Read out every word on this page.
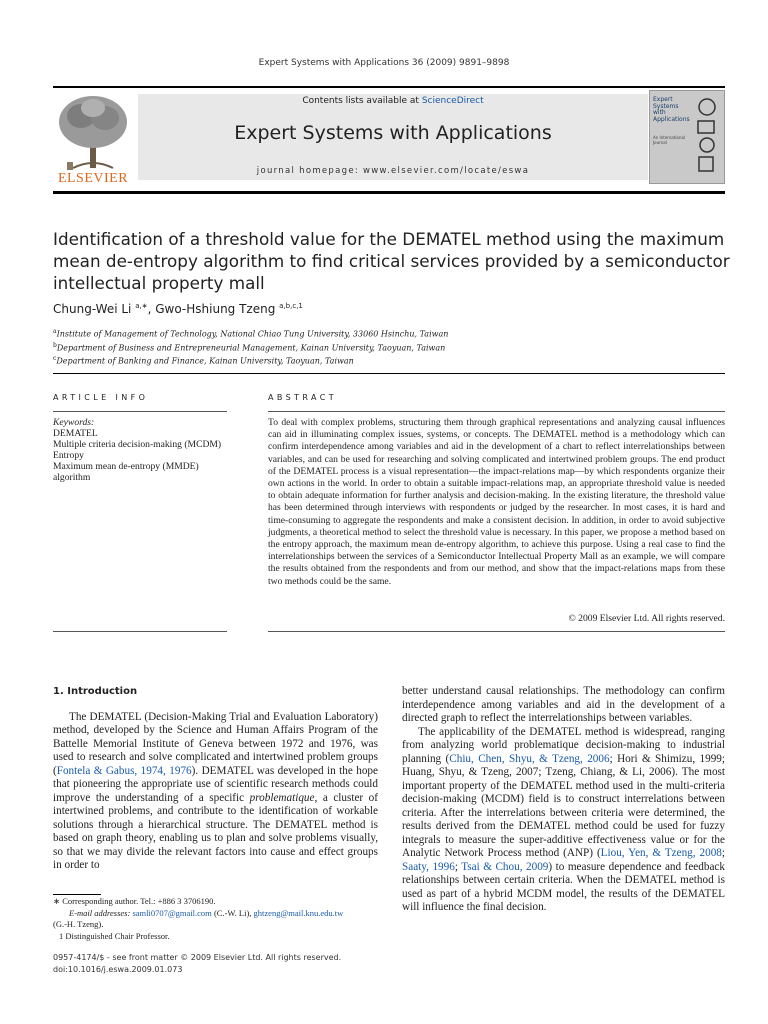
Expert Systems with Applications 36 (2009) 9891–9898
ELSEVIER
Contents lists available at ScienceDirect
Expert Systems with Applications
journal homepage: www.elsevier.com/locate/eswa
Expert Systems with Applications
An International Journal
Identification of a threshold value for the DEMATEL method using the maximum mean de-entropy algorithm to find critical services provided by a semiconductor intellectual property mall
Chung-Wei Li $^{a,∗}$, Gwo-Hshiung Tzeng $^{a,b,c,1}$
$^a$Institute of Management of Technology, National Chiao Tung University, 33060 Hsinchu, Taiwan
$^b$Department of Business and Entrepreneurial Management, Kainan University, Taoyuan, Taiwan
$^c$Department of Banking and Finance, Kainan University, Taoyuan, Taiwan
ARTICLE INFO	ABSTRACT
Keywords:
DEMATEL
Multiple criteria decision-making (MCDM)
Entropy
Maximum mean de-entropy (MMDE)
algorithm
To deal with complex problems, structuring them through graphical representations and analyzing causal influences can aid in illuminating complex issues, systems, or concepts. The DEMATEL method is a methodology which can confirm interdependence among variables and aid in the development of a chart to reflect interrelationships between variables, and can be used for researching and solving complicated and intertwined problem groups. The end product of the DEMATEL process is a visual representation—the impact-relations map—by which respondents organize their own actions in the world. In order to obtain a suitable impact-relations map, an appropriate threshold value is needed to obtain adequate information for further analysis and decision-making. In the existing literature, the threshold value has been determined through interviews with respondents or judged by the researcher. In most cases, it is hard and time-consuming to aggregate the respondents and make a consistent decision. In addition, in order to avoid subjective judgments, a theoretical method to select the threshold value is necessary. In this paper, we propose a method based on the entropy approach, the maximum mean de-entropy algorithm, to achieve this purpose. Using a real case to find the interrelationships between the services of a Semiconductor Intellectual Property Mall as an example, we will compare the results obtained from the respondents and from our method, and show that the impact-relations maps from these two methods could be the same.
© 2009 Elsevier Ltd. All rights reserved.
1. Introduction

The DEMATEL (Decision-Making Trial and Evaluation Laboratory) method, developed by the Science and Human Affairs Program of the Battelle Memorial Institute of Geneva between 1972 and 1976, was used to research and solve complicated and intertwined problem groups (Fontela & Gabus, 1974, 1976). DEMATEL was developed in the hope that pioneering the appropriate use of scientific research methods could improve the understanding of a specific problematique, a cluster of intertwined problems, and contribute to the identification of workable solutions through a hierarchical structure. The DEMATEL method is based on graph theory, enabling us to plan and solve problems visually, so that we may divide the relevant factors into cause and effect groups in order to

better understand causal relationships. The methodology can confirm interdependence among variables and aid in the development of a directed graph to reflect the interrelationships between variables.

The applicability of the DEMATEL method is widespread, ranging from analyzing world problematique decision-making to industrial planning (Chiu, Chen, Shyu, & Tzeng, 2006; Hori & Shimizu, 1999; Huang, Shyu, & Tzeng, 2007; Tzeng, Chiang, & Li, 2006). The most important property of the DEMATEL method used in the multi-criteria decision-making (MCDM) field is to construct interrelations between criteria. After the interrelations between criteria were determined, the results derived from the DEMATEL method could be used for fuzzy integrals to measure the super-additive effectiveness value or for the Analytic Network Process method (ANP) (Liou, Yen, & Tzeng, 2008; Saaty, 1996; Tsai & Chou, 2009) to measure dependence and feedback relationships between certain criteria. When the DEMATEL method is used as part of a hybrid MCDM model, the results of the DEMATEL will influence the final decision.

∗ Corresponding author. Tel.: +886 3 3706190.
E-mail addresses: samli0707@gmail.com (C.-W. Li), ghtzeng@mail.knu.edu.tw
(G.-H. Tzeng).
1 Distinguished Chair Professor.
0957-4174/$ - see front matter © 2009 Elsevier Ltd. All rights reserved.
doi:10.1016/j.eswa.2009.01.073
